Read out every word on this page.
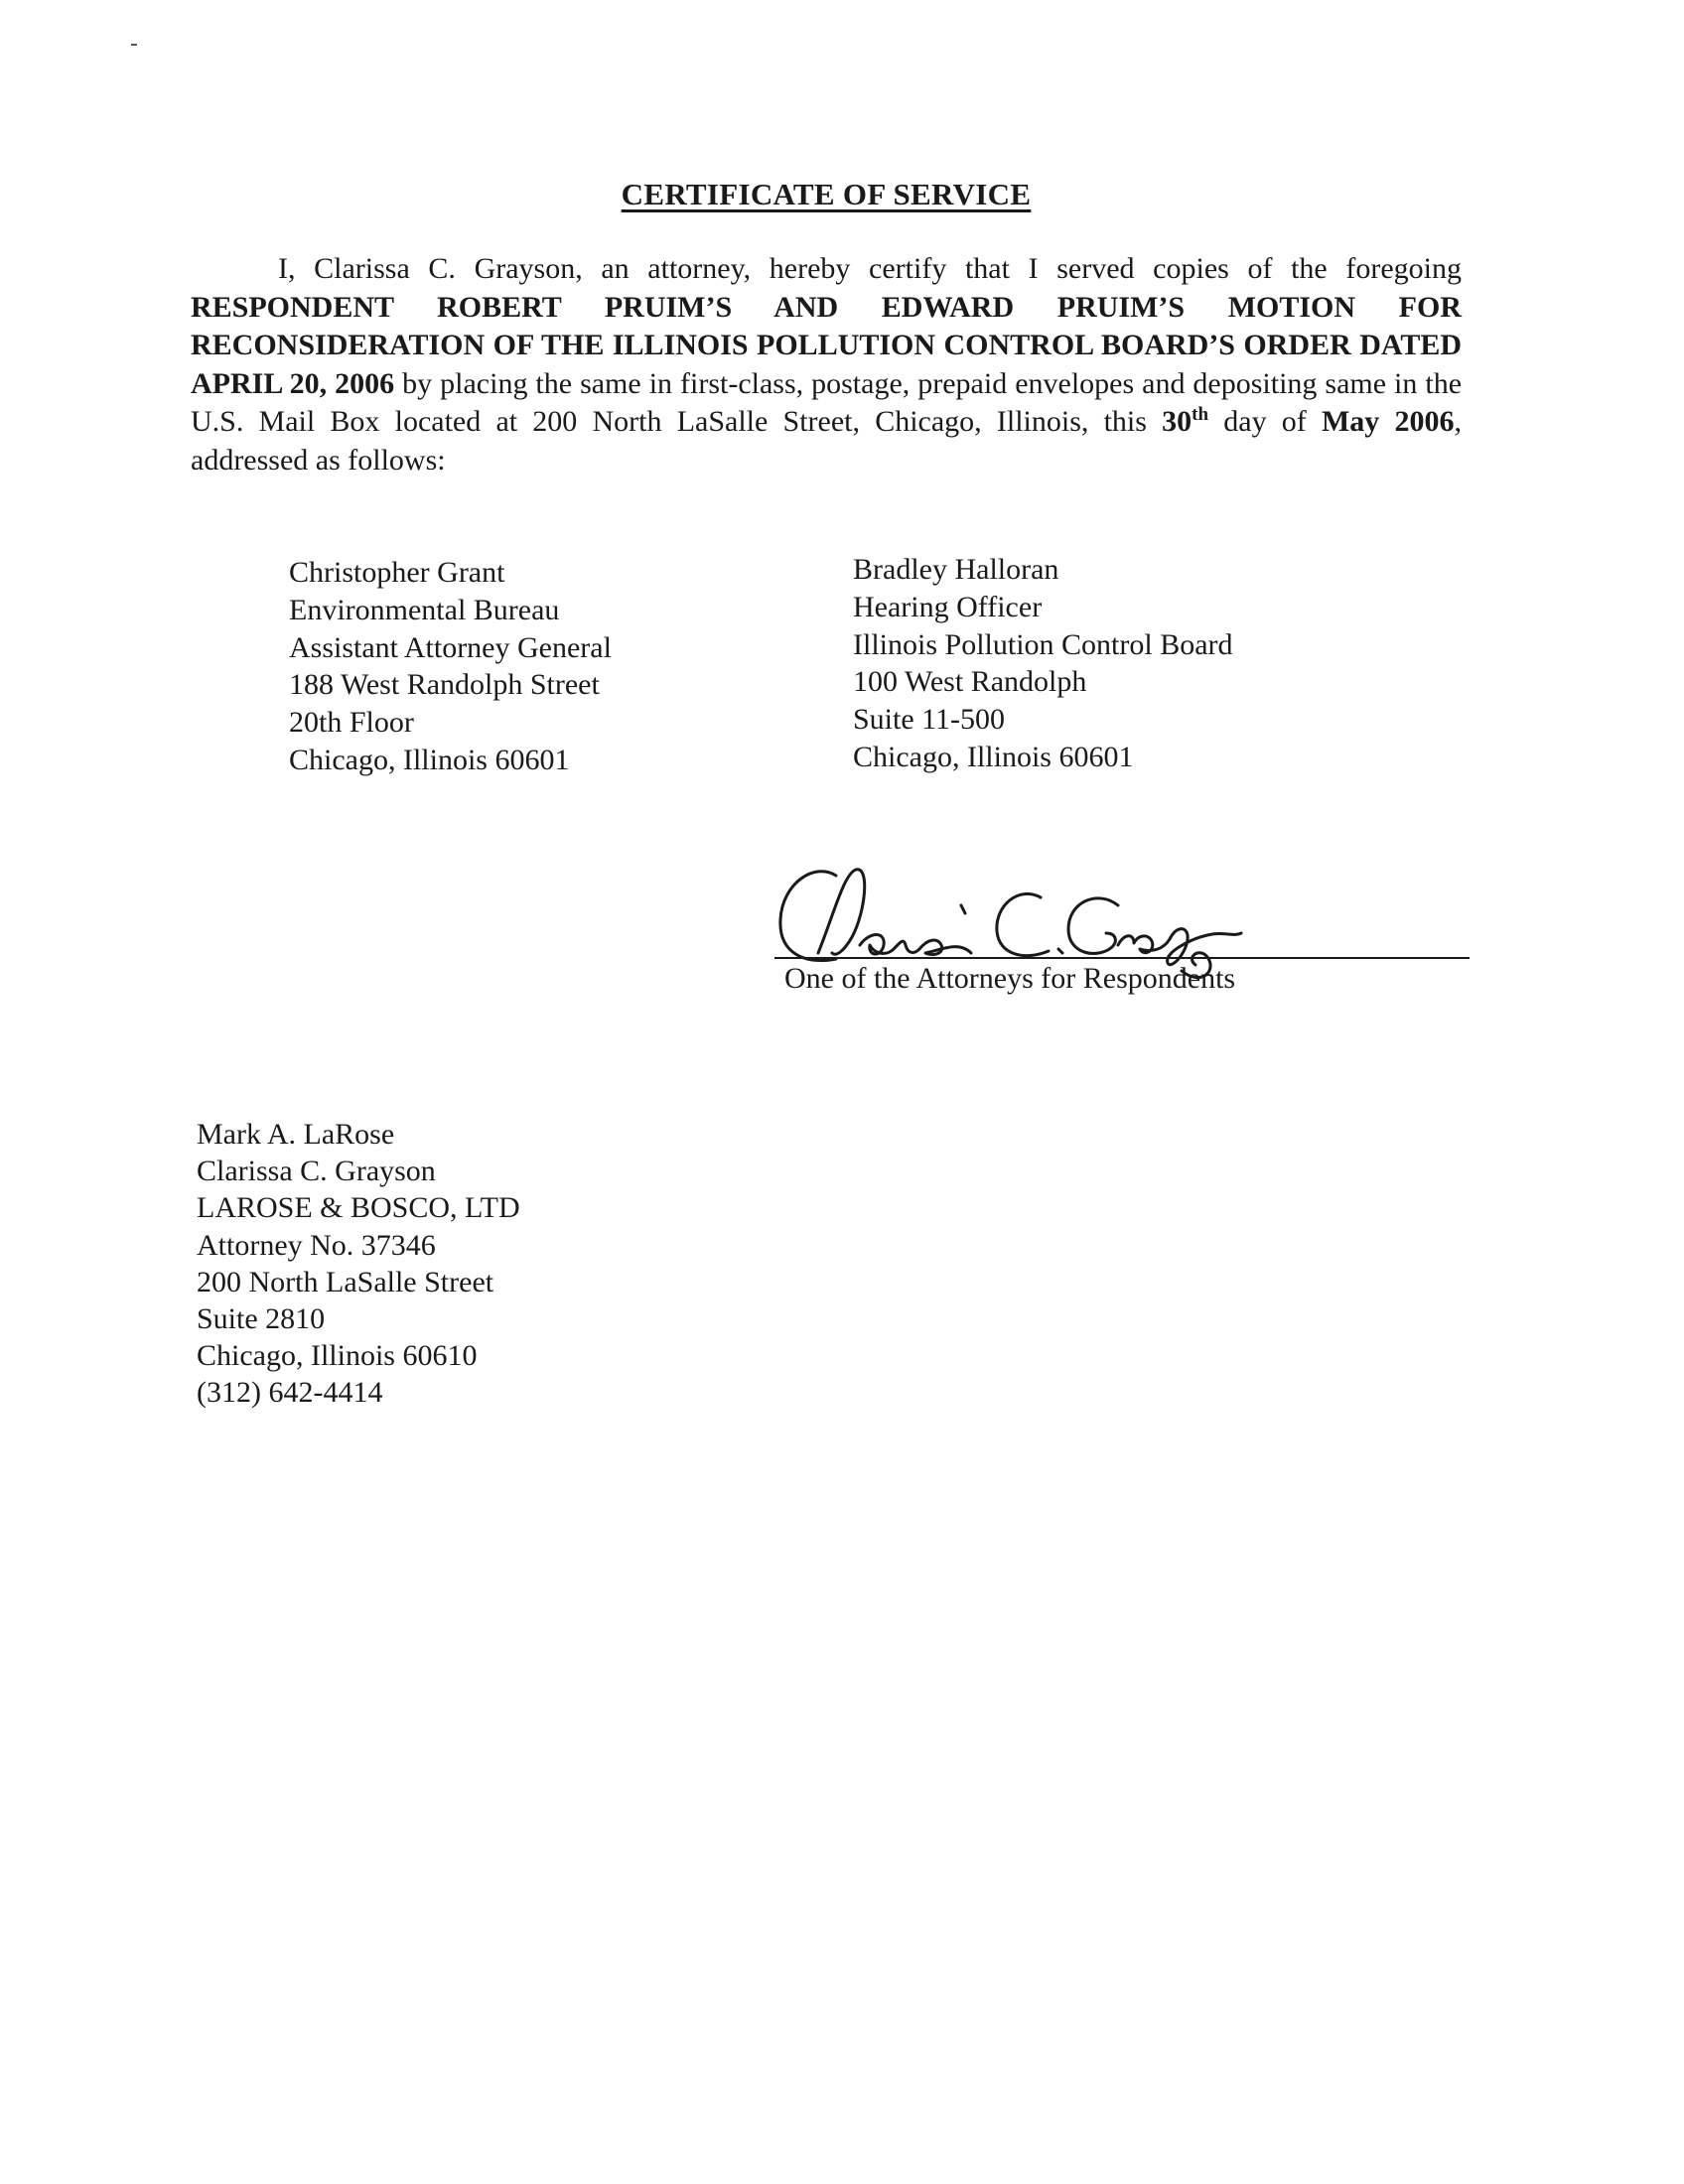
CERTIFICATE OF SERVICE
I, Clarissa C. Grayson, an attorney, hereby certify that I served copies of the foregoing RESPONDENT ROBERT PRUIM’S AND EDWARD PRUIM’S MOTION FOR RECONSIDERATION OF THE ILLINOIS POLLUTION CONTROL BOARD’S ORDER DATED APRIL 20, 2006 by placing the same in first-class, postage, prepaid envelopes and depositing same in the U.S. Mail Box located at 200 North LaSalle Street, Chicago, Illinois, this 30th day of May 2006, addressed as follows:
Christopher Grant
Environmental Bureau
Assistant Attorney General
188 West Randolph Street
20th Floor
Chicago, Illinois 60601
Bradley Halloran
Hearing Officer
Illinois Pollution Control Board
100 West Randolph
Suite 11-500
Chicago, Illinois 60601
One of the Attorneys for Respondents
Mark A. LaRose
Clarissa C. Grayson
LAROSE & BOSCO, LTD
Attorney No. 37346
200 North LaSalle Street
Suite 2810
Chicago, Illinois 60610
(312) 642-4414
